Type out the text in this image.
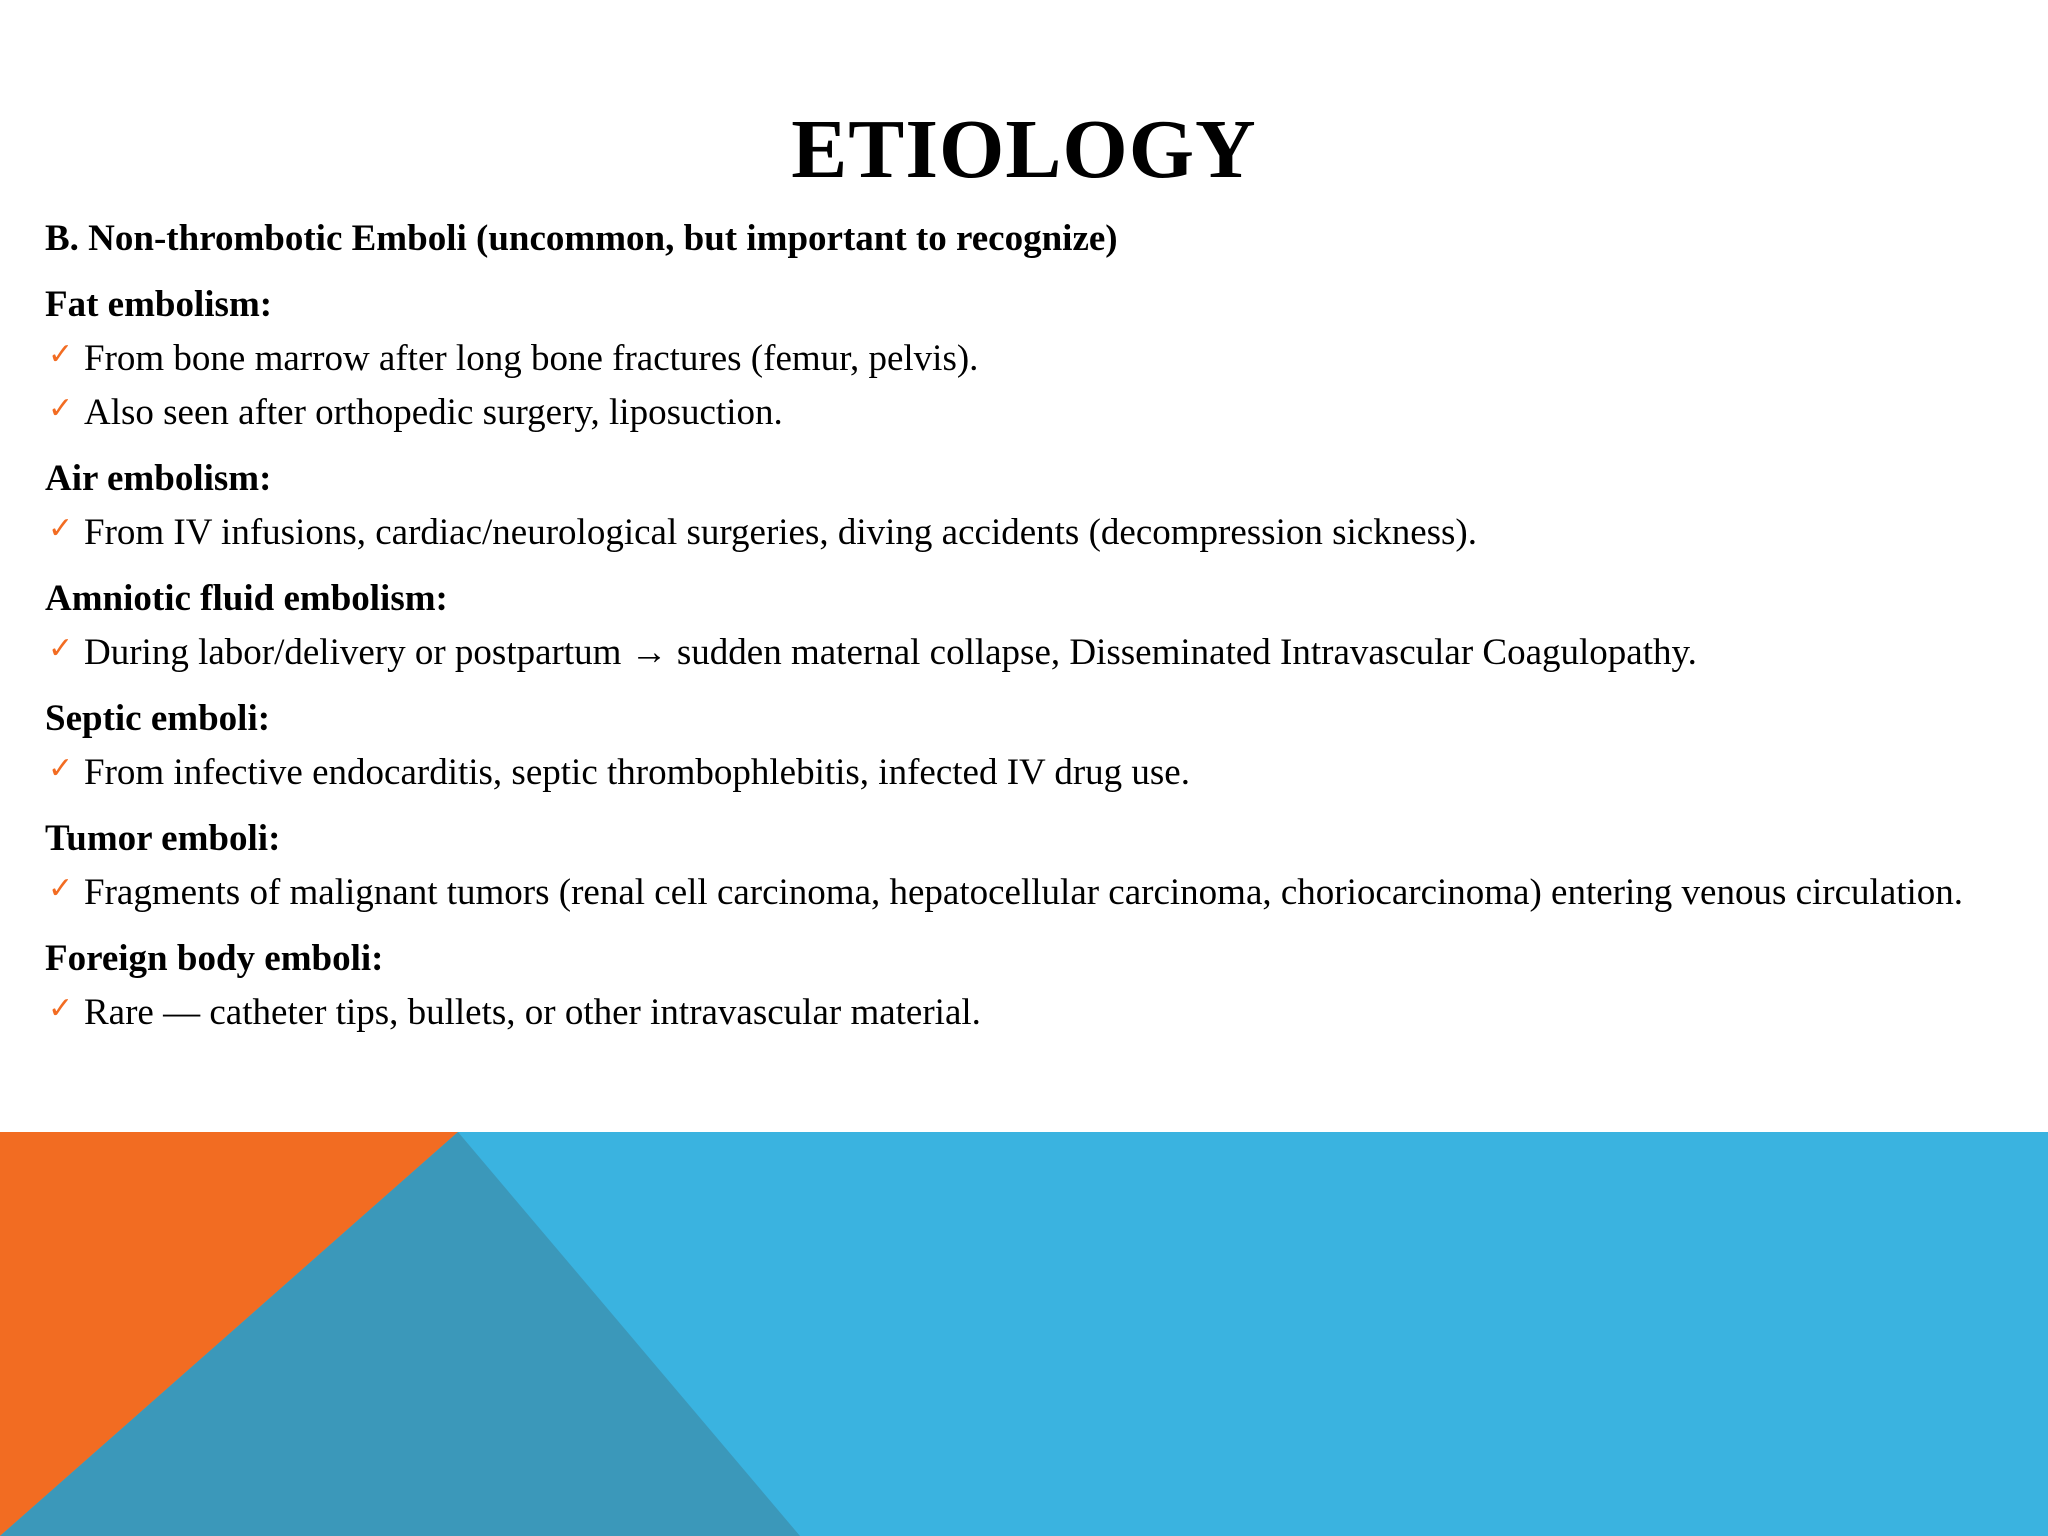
ETIOLOGY
B. Non-thrombotic Emboli (uncommon, but important to recognize)
Fat embolism:
✓ From bone marrow after long bone fractures (femur, pelvis).
✓ Also seen after orthopedic surgery, liposuction.
Air embolism:
✓ From IV infusions, cardiac/neurological surgeries, diving accidents (decompression sickness).
Amniotic fluid embolism:
✓ During labor/delivery or postpartum → sudden maternal collapse, Disseminated Intravascular Coagulopathy.
Septic emboli:
✓ From infective endocarditis, septic thrombophlebitis, infected IV drug use.
Tumor emboli:
✓ Fragments of malignant tumors (renal cell carcinoma, hepatocellular carcinoma, choriocarcinoma) entering venous circulation.
Foreign body emboli:
✓ Rare — catheter tips, bullets, or other intravascular material.
